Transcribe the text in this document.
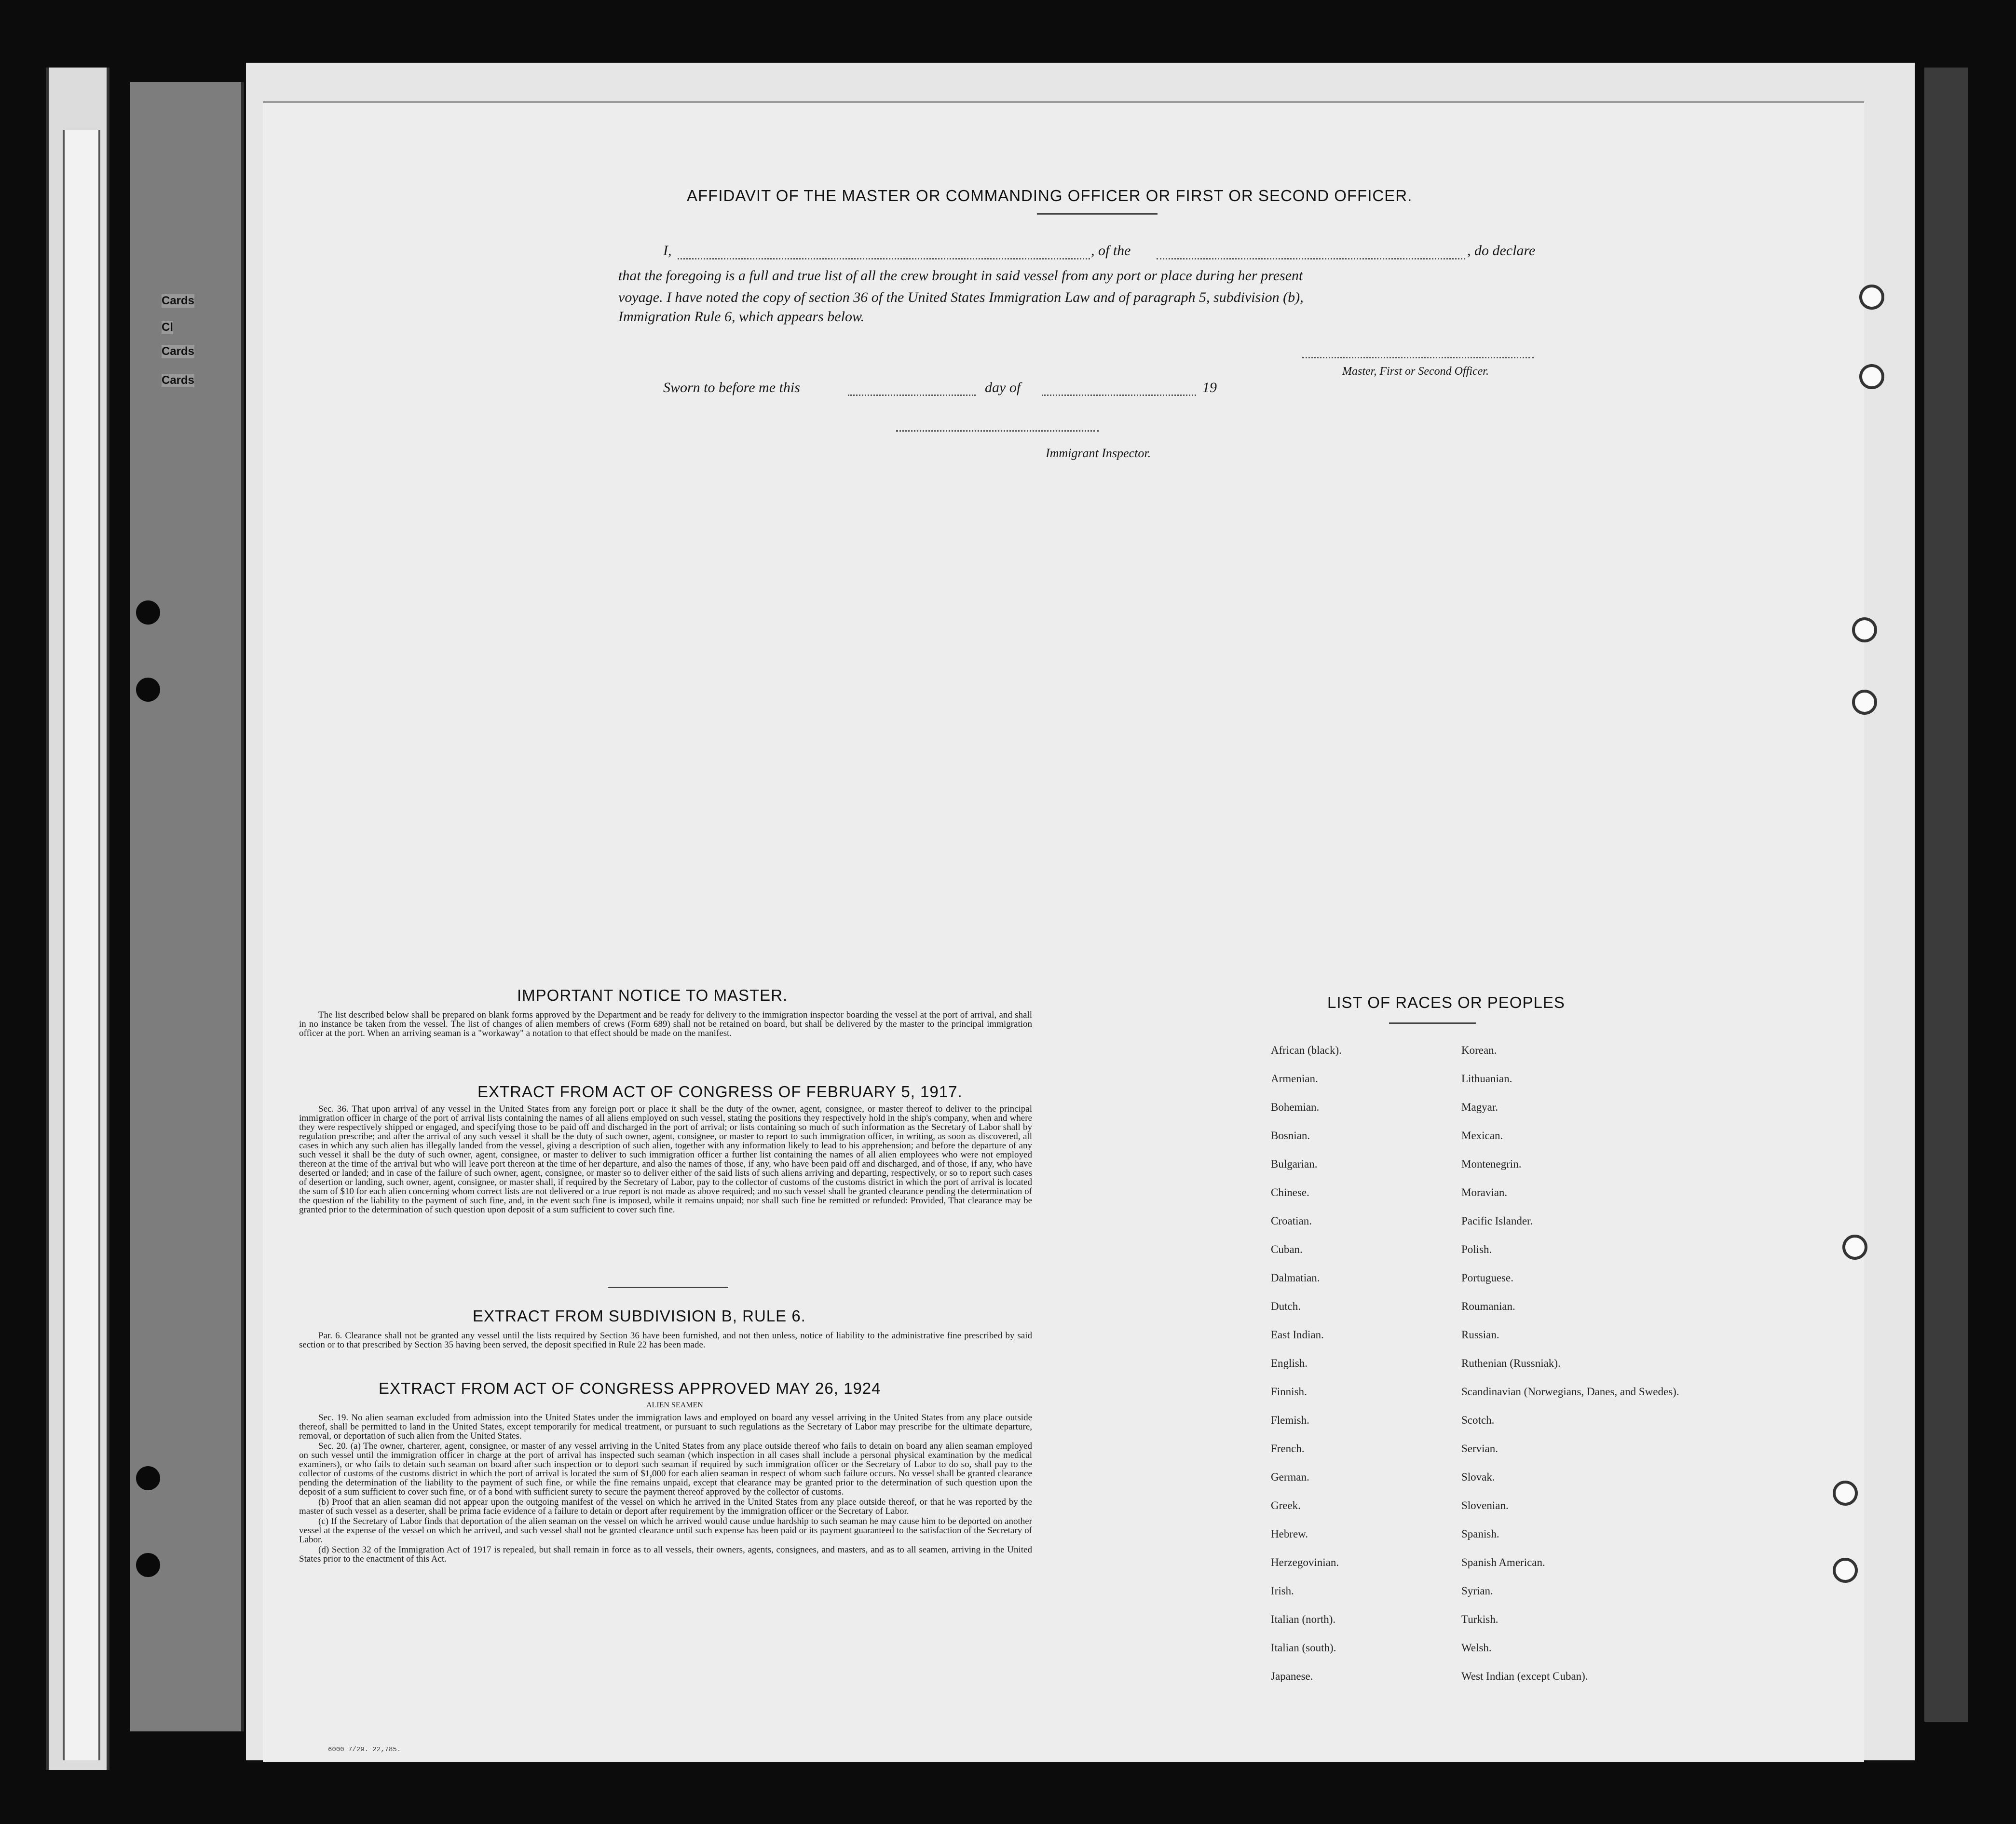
Cards
Cl
Cards
Cards
AFFIDAVIT OF THE MASTER OR COMMANDING OFFICER OR FIRST OR SECOND OFFICER.
I,	, of the	, do declare
that the foregoing is a full and true list of all the crew brought in said vessel from any port or place during her present
voyage. I have noted the copy of section 36 of the United States Immigration Law and of paragraph 5, subdivision (b),
Immigration Rule 6, which appears below.
Master, First or Second Officer.
Sworn to before me this	day of	19
Immigrant Inspector.
IMPORTANT NOTICE TO MASTER.

The list described below shall be prepared on blank forms approved by the Department and be ready for delivery to the immigration inspector boarding the vessel at the port of arrival, and shall in no instance be taken from the vessel. The list of changes of alien members of crews (Form 689) shall not be retained on board, but shall be delivered by the master to the principal immigration officer at the port. When an arriving seaman is a "workaway" a notation to that effect should be made on the manifest.

EXTRACT FROM ACT OF CONGRESS OF FEBRUARY 5, 1917.

Sec. 36. That upon arrival of any vessel in the United States from any foreign port or place it shall be the duty of the owner, agent, consignee, or master thereof to deliver to the principal immigration officer in charge of the port of arrival lists containing the names of all aliens employed on such vessel, stating the positions they respectively hold in the ship's company, when and where they were respectively shipped or engaged, and specifying those to be paid off and discharged in the port of arrival; or lists containing so much of such information as the Secretary of Labor shall by regulation prescribe; and after the arrival of any such vessel it shall be the duty of such owner, agent, consignee, or master to report to such immigration officer, in writing, as soon as discovered, all cases in which any such alien has illegally landed from the vessel, giving a description of such alien, together with any information likely to lead to his apprehension; and before the departure of any such vessel it shall be the duty of such owner, agent, consignee, or master to deliver to such immigration officer a further list containing the names of all alien employees who were not employed thereon at the time of the arrival but who will leave port thereon at the time of her departure, and also the names of those, if any, who have been paid off and discharged, and of those, if any, who have deserted or landed; and in case of the failure of such owner, agent, consignee, or master so to deliver either of the said lists of such aliens arriving and departing, respectively, or so to report such cases of desertion or landing, such owner, agent, consignee, or master shall, if required by the Secretary of Labor, pay to the collector of customs of the customs district in which the port of arrival is located the sum of $10 for each alien concerning whom correct lists are not delivered or a true report is not made as above required; and no such vessel shall be granted clearance pending the determination of the question of the liability to the payment of such fine, and, in the event such fine is imposed, while it remains unpaid; nor shall such fine be remitted or refunded: Provided, That clearance may be granted prior to the determination of such question upon deposit of a sum sufficient to cover such fine.

EXTRACT FROM SUBDIVISION B, RULE 6.

Par. 6. Clearance shall not be granted any vessel until the lists required by Section 36 have been furnished, and not then unless, notice of liability to the administrative fine prescribed by said section or to that prescribed by Section 35 having been served, the deposit specified in Rule 22 has been made.

EXTRACT FROM ACT OF CONGRESS APPROVED MAY 26, 1924
ALIEN SEAMEN

Sec. 19. No alien seaman excluded from admission into the United States under the immigration laws and employed on board any vessel arriving in the United States from any place outside thereof, shall be permitted to land in the United States, except temporarily for medical treatment, or pursuant to such regulations as the Secretary of Labor may prescribe for the ultimate departure, removal, or deportation of such alien from the United States.

Sec. 20. (a) The owner, charterer, agent, consignee, or master of any vessel arriving in the United States from any place outside thereof who fails to detain on board any alien seaman employed on such vessel until the immigration officer in charge at the port of arrival has inspected such seaman (which inspection in all cases shall include a personal physical examination by the medical examiners), or who fails to detain such seaman on board after such inspection or to deport such seaman if required by such immigration officer or the Secretary of Labor to do so, shall pay to the collector of customs of the customs district in which the port of arrival is located the sum of $1,000 for each alien seaman in respect of whom such failure occurs. No vessel shall be granted clearance pending the determination of the liability to the payment of such fine, or while the fine remains unpaid, except that clearance may be granted prior to the determination of such question upon the deposit of a sum sufficient to cover such fine, or of a bond with sufficient surety to secure the payment thereof approved by the collector of customs.

(b) Proof that an alien seaman did not appear upon the outgoing manifest of the vessel on which he arrived in the United States from any place outside thereof, or that he was reported by the master of such vessel as a deserter, shall be prima facie evidence of a failure to detain or deport after requirement by the immigration officer or the Secretary of Labor.

(c) If the Secretary of Labor finds that deportation of the alien seaman on the vessel on which he arrived would cause undue hardship to such seaman he may cause him to be deported on another vessel at the expense of the vessel on which he arrived, and such vessel shall not be granted clearance until such expense has been paid or its payment guaranteed to the satisfaction of the Secretary of Labor.

(d) Section 32 of the Immigration Act of 1917 is repealed, but shall remain in force as to all vessels, their owners, agents, consignees, and masters, and as to all seamen, arriving in the United States prior to the enactment of this Act.

LIST OF RACES OR PEOPLES
African (black).
Armenian.
Bohemian.
Bosnian.
Bulgarian.
Chinese.
Croatian.
Cuban.
Dalmatian.
Dutch.
East Indian.
English.
Finnish.
Flemish.
French.
German.
Greek.
Hebrew.
Herzegovinian.
Irish.
Italian (north).
Italian (south).
Japanese.
Korean.
Lithuanian.
Magyar.
Mexican.
Montenegrin.
Moravian.
Pacific Islander.
Polish.
Portuguese.
Roumanian.
Russian.
Ruthenian (Russniak).
Scandinavian (Norwegians, Danes, and Swedes).
Scotch.
Servian.
Slovak.
Slovenian.
Spanish.
Spanish American.
Syrian.
Turkish.
Welsh.
West Indian (except Cuban).
6000 7/29. 22,785.
